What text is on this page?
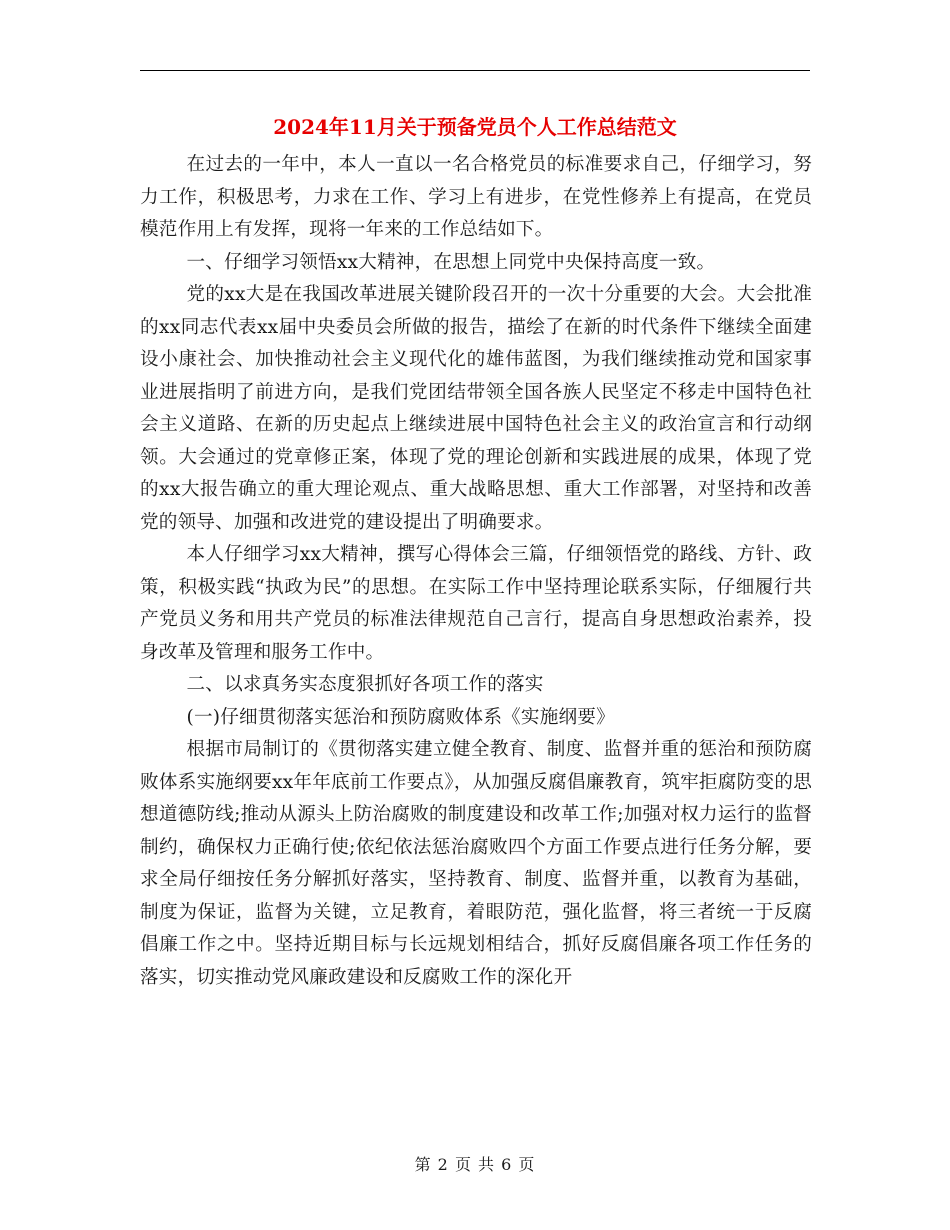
2024年11月关于预备党员个人工作总结范文

在过去的一年中，本人一直以一名合格党员的标准要求自己，仔细学习，努力工作，积极思考，力求在工作、学习上有进步，在党性修养上有提高，在党员模范作用上有发挥，现将一年来的工作总结如下。

一、仔细学习领悟xx大精神，在思想上同党中央保持高度一致。

党的xx大是在我国改革进展关键阶段召开的一次十分重要的大会。大会批准的xx同志代表xx届中央委员会所做的报告，描绘了在新的时代条件下继续全面建设小康社会、加快推动社会主义现代化的雄伟蓝图，为我们继续推动党和国家事业进展指明了前进方向，是我们党团结带领全国各族人民坚定不移走中国特色社会主义道路、在新的历史起点上继续进展中国特色社会主义的政治宣言和行动纲领。大会通过的党章修正案，体现了党的理论创新和实践进展的成果，体现了党的xx大报告确立的重大理论观点、重大战略思想、重大工作部署，对坚持和改善党的领导、加强和改进党的建设提出了明确要求。

本人仔细学习xx大精神，撰写心得体会三篇，仔细领悟党的路线、方针、政策，积极实践“执政为民”的思想。在实际工作中坚持理论联系实际，仔细履行共产党员义务和用共产党员的标准法律规范自己言行，提高自身思想政治素养，投身改革及管理和服务工作中。

二、以求真务实态度狠抓好各项工作的落实

(一)仔细贯彻落实惩治和预防腐败体系《实施纲要》

根据市局制订的《贯彻落实建立健全教育、制度、监督并重的惩治和预防腐败体系实施纲要xx年年底前工作要点》，从加强反腐倡廉教育，筑牢拒腐防变的思想道德防线;推动从源头上防治腐败的制度建设和改革工作;加强对权力运行的监督制约，确保权力正确行使;依纪依法惩治腐败四个方面工作要点进行任务分解，要求全局仔细按任务分解抓好落实，坚持教育、制度、监督并重，以教育为基础，制度为保证，监督为关键，立足教育，着眼防范，强化监督，将三者统一于反腐倡廉工作之中。坚持近期目标与长远规划相结合，抓好反腐倡廉各项工作任务的落实，切实推动党风廉政建设和反腐败工作的深化开

第 2 页 共 6 页
